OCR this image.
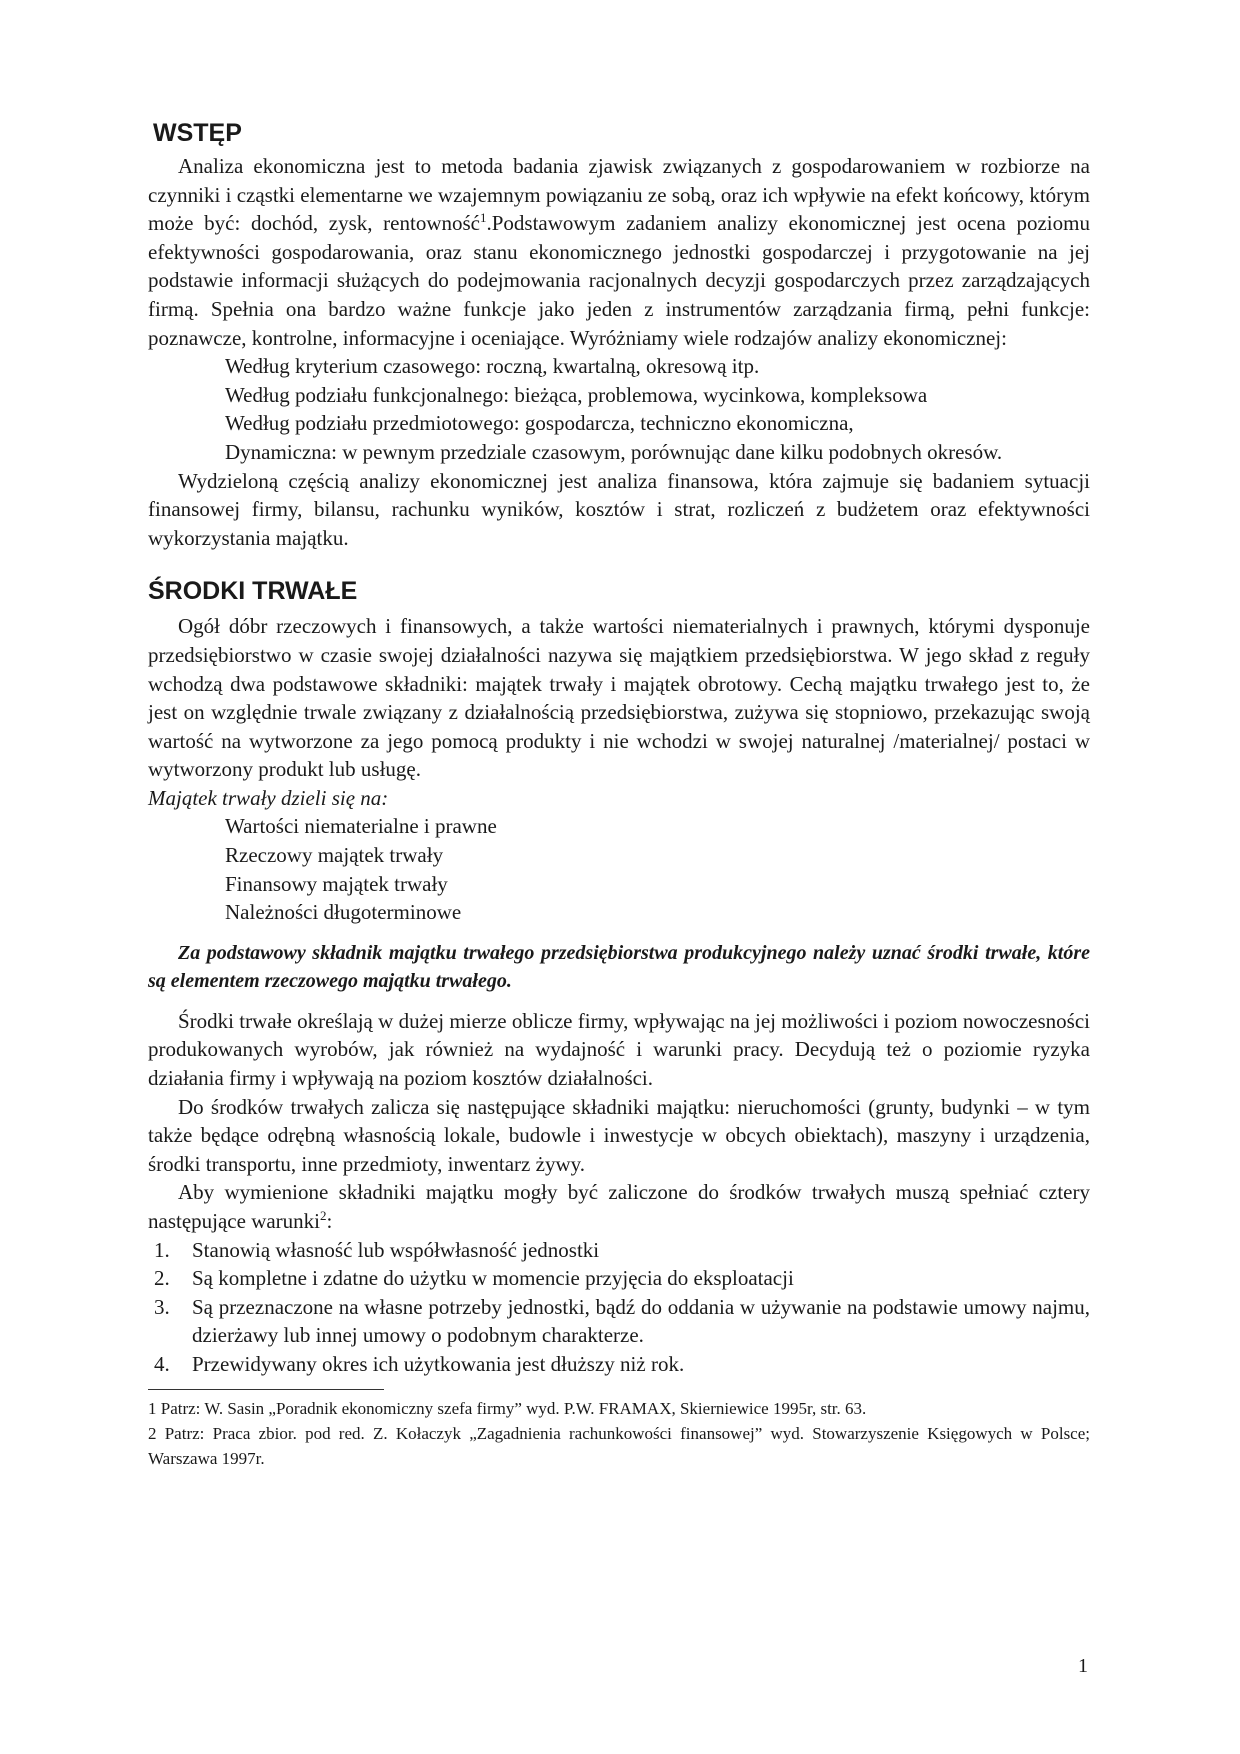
WSTĘP

Analiza ekonomiczna jest to metoda badania zjawisk związanych z gospodarowaniem w rozbiorze na czynniki i cząstki elementarne we wzajemnym powiązaniu ze sobą, oraz ich wpływie na efekt końcowy, którym może być: dochód, zysk, rentowność$^1$.Podstawowym zadaniem analizy ekonomicznej jest ocena poziomu efektywności gospodarowania, oraz stanu ekonomicznego jednostki gospodarczej i przygotowanie na jej podstawie informacji służących do podejmowania racjonalnych decyzji gospodarczych przez zarządzających firmą. Spełnia ona bardzo ważne funkcje jako jeden z instrumentów zarządzania firmą, pełni funkcje: poznawcze, kontrolne, informacyjne i oceniające. Wyróżniamy wiele rodzajów analizy ekonomicznej:

Według kryterium czasowego: roczną, kwartalną, okresową itp.
Według podziału funkcjonalnego: bieżąca, problemowa, wycinkowa, kompleksowa
Według podziału przedmiotowego: gospodarcza, techniczno ekonomiczna,
Dynamiczna: w pewnym przedziale czasowym, porównując dane kilku podobnych okresów.

Wydzieloną częścią analizy ekonomicznej jest analiza finansowa, która zajmuje się badaniem sytuacji finansowej firmy, bilansu, rachunku wyników, kosztów i strat, rozliczeń z budżetem oraz efektywności wykorzystania majątku.

ŚRODKI TRWAŁE

Ogół dóbr rzeczowych i finansowych, a także wartości niematerialnych i prawnych, którymi dysponuje przedsiębiorstwo w czasie swojej działalności nazywa się majątkiem przedsiębiorstwa. W jego skład z reguły wchodzą dwa podstawowe składniki: majątek trwały i majątek obrotowy. Cechą majątku trwałego jest to, że jest on względnie trwale związany z działalnością przedsiębiorstwa, zużywa się stopniowo, przekazując swoją wartość na wytworzone za jego pomocą produkty i nie wchodzi w swojej naturalnej /materialnej/ postaci w wytworzony produkt lub usługę.

Majątek trwały dzieli się na:

Wartości niematerialne i prawne
Rzeczowy majątek trwały
Finansowy majątek trwały
Należności długoterminowe

Za podstawowy składnik majątku trwałego przedsiębiorstwa produkcyjnego należy uznać środki trwałe, które są elementem rzeczowego majątku trwałego.

Środki trwałe określają w dużej mierze oblicze firmy, wpływając na jej możliwości i poziom nowoczesności produkowanych wyrobów, jak również na wydajność i warunki pracy. Decydują też o poziomie ryzyka działania firmy i wpływają na poziom kosztów działalności.

Do środków trwałych zalicza się następujące składniki majątku: nieruchomości (grunty, budynki – w tym także będące odrębną własnością lokale, budowle i inwestycje w obcych obiektach), maszyny i urządzenia, środki transportu, inne przedmioty, inwentarz żywy.

Aby wymienione składniki majątku mogły być zaliczone do środków trwałych muszą spełniać cztery następujące warunki$^2$:

1. Stanowią własność lub współwłasność jednostki
2. Są kompletne i zdatne do użytku w momencie przyjęcia do eksploatacji
3. Są przeznaczone na własne potrzeby jednostki, bądź do oddania w używanie na podstawie umowy najmu, dzierżawy lub innej umowy o podobnym charakterze.
4. Przewidywany okres ich użytkowania jest dłuższy niż rok.

1 Patrz: W. Sasin „Poradnik ekonomiczny szefa firmy” wyd. P.W. FRAMAX, Skierniewice 1995r, str. 63.

2 Patrz: Praca zbior. pod red. Z. Kołaczyk „Zagadnienia rachunkowości finansowej” wyd. Stowarzyszenie Księgowych w Polsce; Warszawa 1997r.

1
